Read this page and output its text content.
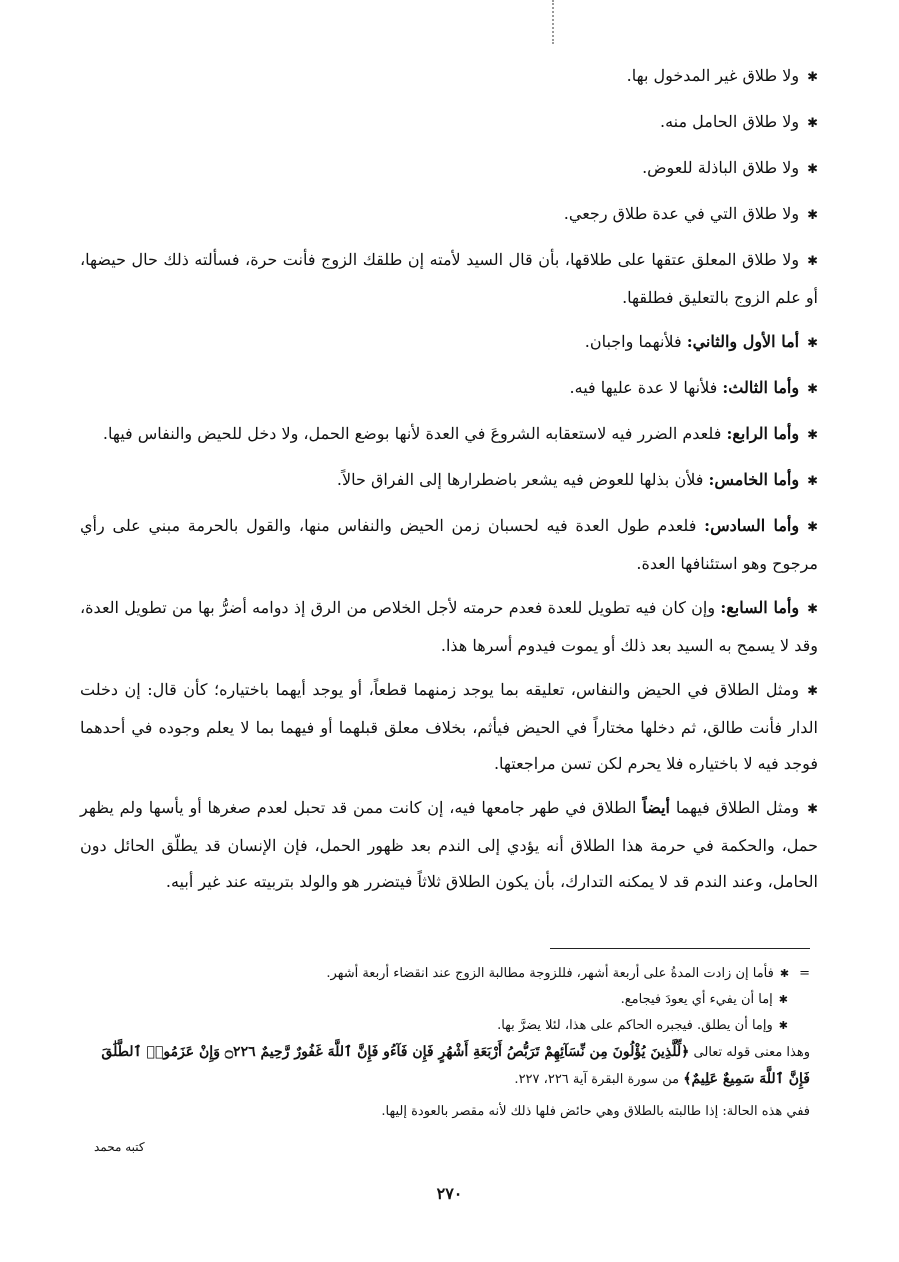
✱ولا طلاق غير المدخول بها.

✱ولا طلاق الحامل منه.

✱ولا طلاق الباذلة للعوض.

✱ولا طلاق التي في عدة طلاق رجعي.

✱ولا طلاق المعلق عتقها على طلاقها، بأن قال السيد لأمته إن طلقك الزوج فأنت حرة، فسألته ذلك حال حيضها، أو علم الزوج بالتعليق فطلقها.

✱أما الأول والثاني: فلأنهما واجبان.

✱وأما الثالث: فلأنها لا عدة عليها فيه.

✱وأما الرابع: فلعدم الضرر فيه لاستعقابه الشروعَ في العدة لأنها بوضع الحمل، ولا دخل للحيض والنفاس فيها.

✱وأما الخامس: فلأن بذلها للعوض فيه يشعر باضطرارها إلى الفراق حالاً.

✱وأما السادس: فلعدم طول العدة فيه لحسبان زمن الحيض والنفاس منها، والقول بالحرمة مبني على رأي مرجوح وهو استئنافها العدة.

✱وأما السابع: وإن كان فيه تطويل للعدة فعدم حرمته لأجل الخلاص من الرق إذ دوامه أضرُّ بها من تطويل العدة، وقد لا يسمح به السيد بعد ذلك أو يموت فيدوم أسرها هذا.

✱ومثل الطلاق في الحيض والنفاس، تعليقه بما يوجد زمنهما قطعاً، أو يوجد أيهما باختياره؛ كأن قال: إن دخلت الدار فأنت طالق، ثم دخلها مختاراً في الحيض فيأثم، بخلاف معلق قبلهما أو فيهما بما لا يعلم وجوده في أحدهما فوجد فيه لا باختياره فلا يحرم لكن تسن مراجعتها.

✱ومثل الطلاق فيهما أيضاً الطلاق في طهر جامعها فيه، إن كانت ممن قد تحبل لعدم صغرها أو يأسها ولم يظهر حمل، والحكمة في حرمة هذا الطلاق أنه يؤدي إلى الندم بعد ظهور الحمل، فإن الإنسان قد يطلّق الحائل دون الحامل، وعند الندم قد لا يمكنه التدارك، بأن يكون الطلاق ثلاثاً فيتضرر هو والولد بتربيته عند غير أبيه.

=✱فأما إن زادت المدةُ على أربعة أشهر، فللزوجة مطالبة الزوج عند انقضاء أربعة أشهر.

✱إما أن يفيء أي يعودَ فيجامع.

✱وإما أن يطلق. فيجبره الحاكم على هذا، لئلا يضرَّ بها.

وهذا معنى قوله تعالى ﴿لِّلَّذِينَ يُؤْلُونَ مِن نِّسَآئِهِمْ تَرَبُّصُ أَرْبَعَةِ أَشْهُرٍ فَإِن فَآءُو فَإِنَّ ٱللَّهَ غَفُورٌ رَّحِيمٌ ۝٢٢٦ وَإِنْ عَزَمُوا۟ ٱلطَّلَٰقَ فَإِنَّ ٱللَّهَ سَمِيعٌ عَلِيمٌ﴾ من سورة البقرة آية ٢٢٦، ٢٢٧.

ففي هذه الحالة: إذا طالبته بالطلاق وهي حائض فلها ذلك لأنه مقصر بالعودة إليها.

كتبه محمد
٢٧٠
